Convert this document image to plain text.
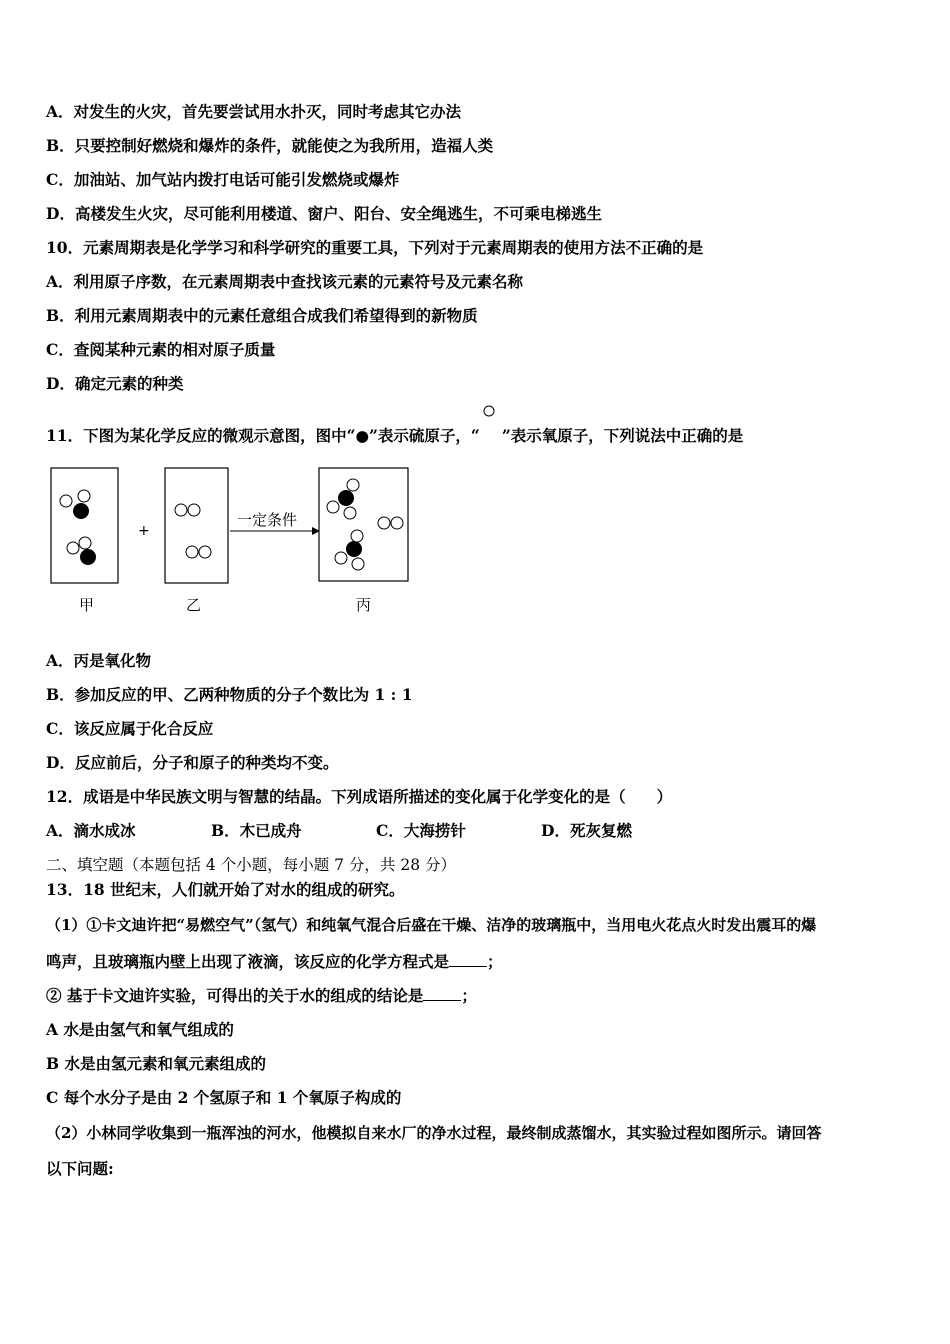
A．对发生的火灾，首先要尝试用水扑灭，同时考虑其它办法
B．只要控制好燃烧和爆炸的条件，就能使之为我所用，造福人类
C．加油站、加气站内拨打电话可能引发燃烧或爆炸
D．高楼发生火灾，尽可能利用楼道、窗户、阳台、安全绳逃生，不可乘电梯逃生
10．元素周期表是化学学习和科学研究的重要工具，下列对于元素周期表的使用方法不正确的是
A．利用原子序数，在元素周期表中查找该元素的元素符号及元素名称
B．利用元素周期表中的元素任意组合成我们希望得到的新物质
C．查阅某种元素的相对原子质量
D．确定元素的种类
11．下图为某化学反应的微观示意图，图中“●”表示硫原子，“ ”表示氧原子，下列说法中正确的是
+
一定条件
甲	乙	丙
A．丙是氧化物
B．参加反应的甲、乙两种物质的分子个数比为 1 : 1
C．该反应属于化合反应
D．反应前后，分子和原子的种类均不变。
12．成语是中华民族文明与智慧的结晶。下列成语所描述的变化属于化学变化的是（　　）
A．滴水成冰	B．木已成舟	C．大海捞针	D．死灰复燃
二、填空题（本题包括 4 个小题，每小题 7 分，共 28 分）
13．18 世纪末，人们就开始了对水的组成的研究。
（1）①卡文迪许把“易燃空气”（氢气）和纯氧气混合后盛在干燥、洁净的玻璃瓶中，当用电火花点火时发出震耳的爆
鸣声，且玻璃瓶内壁上出现了液滴，该反应的化学方程式是 ；
② 基于卡文迪许实验，可得出的关于水的组成的结论是 ；
A 水是由氢气和氧气组成的
B 水是由氢元素和氧元素组成的
C 每个水分子是由 2 个氢原子和 1 个氧原子构成的
（2）小林同学收集到一瓶浑浊的河水，他模拟自来水厂的净水过程，最终制成蒸馏水，其实验过程如图所示。请回答
以下问题:
